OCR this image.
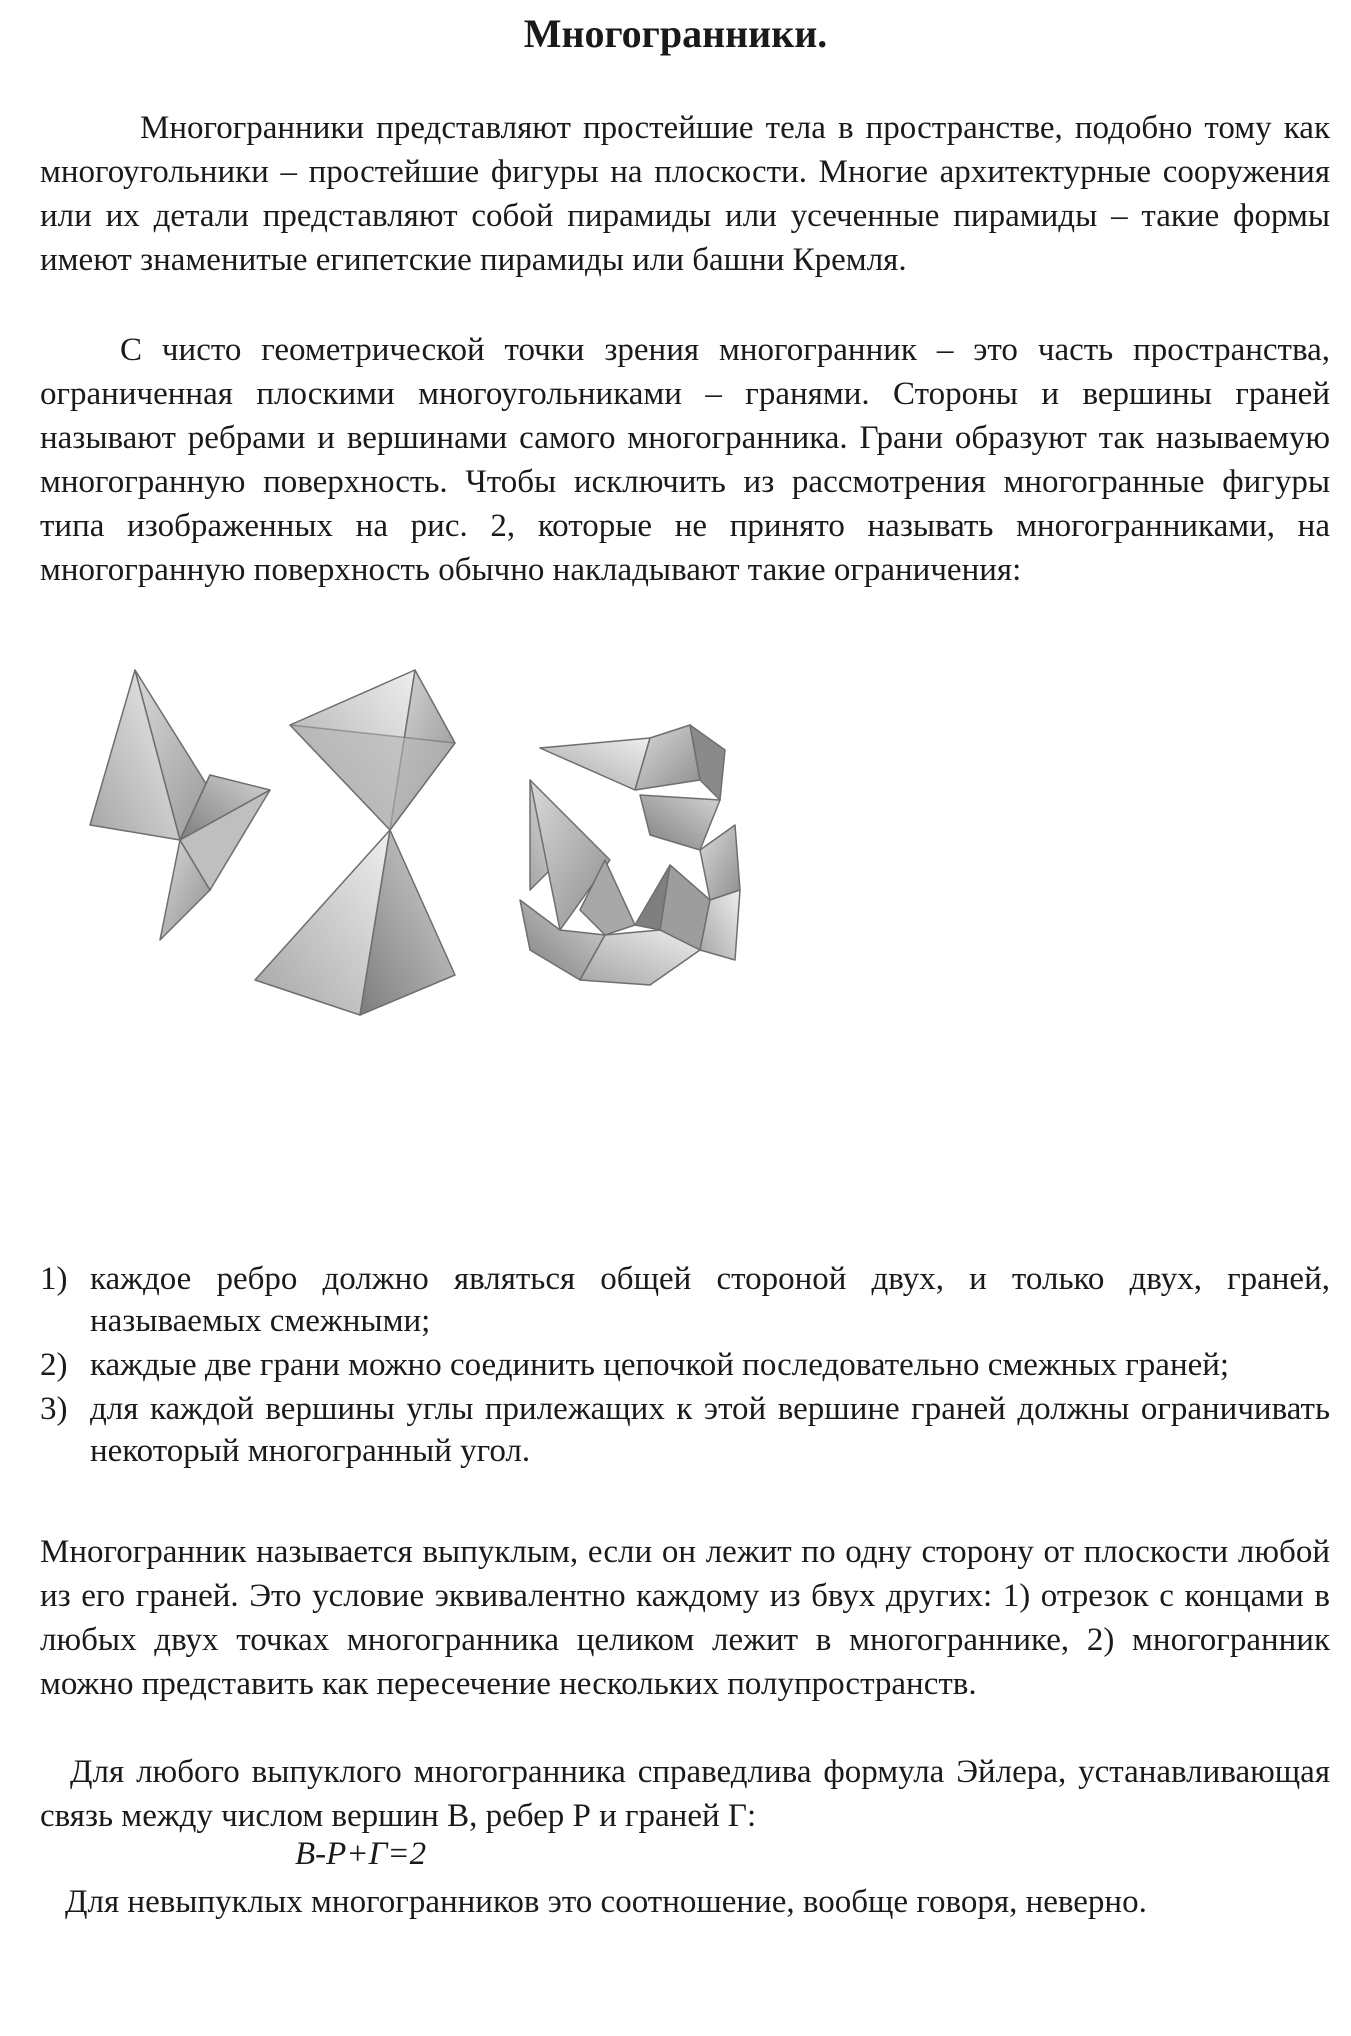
Многогранники.

Многогранники представляют простейшие тела в пространстве, подобно тому как многоугольники – простейшие фигуры на плоскости. Многие архитектурные сооружения или их детали представляют собой пирамиды или усеченные пирамиды – такие формы имеют знаменитые египетские пирамиды или башни Кремля.

С чисто геометрической точки зрения многогранник – это часть пространства, ограниченная плоскими многоугольниками – гранями. Стороны и вершины граней называют ребрами и вершинами самого многогранника. Грани образуют так называемую многогранную поверхность. Чтобы исключить из рассмотрения многогранные фигуры типа изображенных на рис. 2, которые не принято называть многогранниками, на многогранную поверхность обычно накладывают такие ограничения:

1) каждое ребро должно являться общей стороной двух, и только двух, граней, называемых смежными;
2) каждые две грани можно соединить цепочкой последовательно смежных граней;
3) для каждой вершины углы прилежащих к этой вершине граней должны ограничивать некоторый многогранный угол.

Многогранник называется выпуклым, если он лежит по одну сторону от плоскости любой из его граней. Это условие эквивалентно каждому из бвух других: 1) отрезок с концами в любых двух точках многогранника целиком лежит в многограннике, 2) многогранник можно представить как пересечение нескольких полупространств.

Для любого выпуклого многогранника справедлива формула Эйлера, устанавливающая связь между числом вершин В, ребер Р и граней Г:

В-Р+Г=2

Для невыпуклых многогранников это соотношение, вообще говоря, неверно.
